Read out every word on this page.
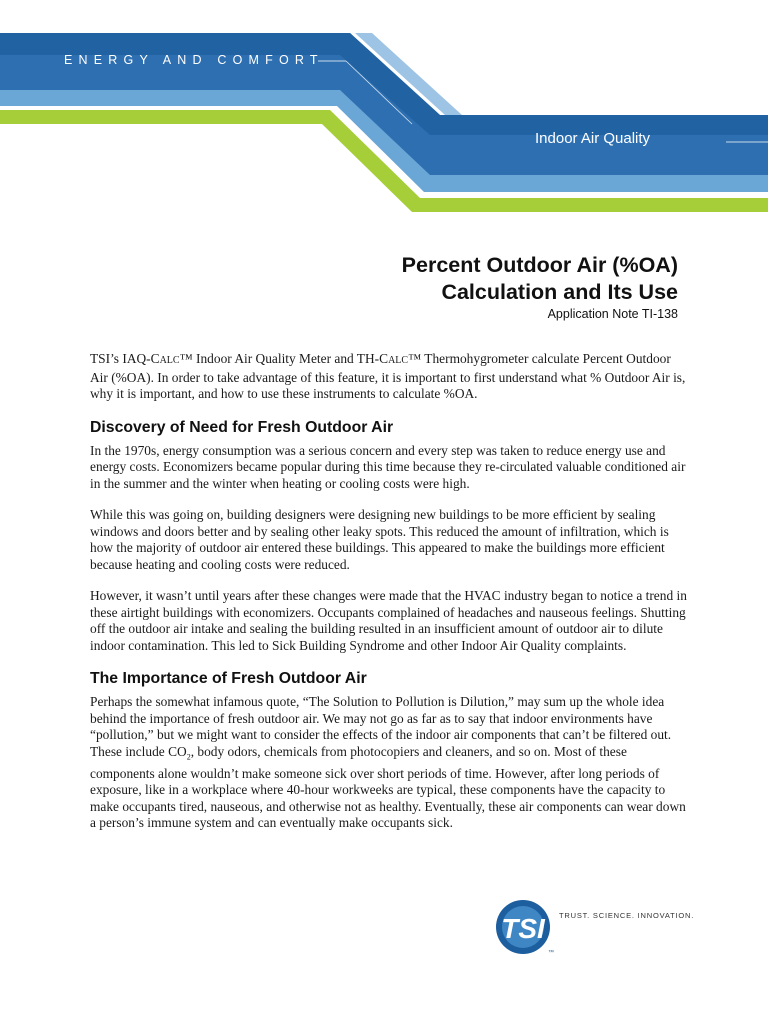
ENERGY AND COMFORT
Indoor Air Quality
Percent Outdoor Air (%OA)
Calculation and Its Use
Application Note TI-138

TSI’s IAQ-CALC™ Indoor Air Quality Meter and TH-CALC™ Thermohygrometer calculate Percent Outdoor Air (%OA). In order to take advantage of this feature, it is important to first understand what % Outdoor Air is, why it is important, and how to use these instruments to calculate %OA.

Discovery of Need for Fresh Outdoor Air

In the 1970s, energy consumption was a serious concern and every step was taken to reduce energy use and energy costs. Economizers became popular during this time because they re-circulated valuable conditioned air in the summer and the winter when heating or cooling costs were high.

While this was going on, building designers were designing new buildings to be more efficient by sealing windows and doors better and by sealing other leaky spots. This reduced the amount of infiltration, which is how the majority of outdoor air entered these buildings. This appeared to make the buildings more efficient because heating and cooling costs were reduced.

However, it wasn’t until years after these changes were made that the HVAC industry began to notice a trend in these airtight buildings with economizers. Occupants complained of headaches and nauseous feelings. Shutting off the outdoor air intake and sealing the building resulted in an insufficient amount of outdoor air to dilute indoor contamination. This led to Sick Building Syndrome and other Indoor Air Quality complaints.

The Importance of Fresh Outdoor Air

Perhaps the somewhat infamous quote, “The Solution to Pollution is Dilution,” may sum up the whole idea behind the importance of fresh outdoor air. We may not go as far as to say that indoor environments have “pollution,” but we might want to consider the effects of the indoor air components that can’t be filtered out. These include $CO_2$, body odors, chemicals from photocopiers and cleaners, and so on. Most of these components alone wouldn’t make someone sick over short periods of time. However, after long periods of exposure, like in a workplace where 40-hour workweeks are typical, these components have the capacity to make occupants tired, nauseous, and otherwise not as healthy. Eventually, these air components can wear down a person’s immune system and can eventually make occupants sick.

TSI
™
TRUST. SCIENCE. INNOVATION.
